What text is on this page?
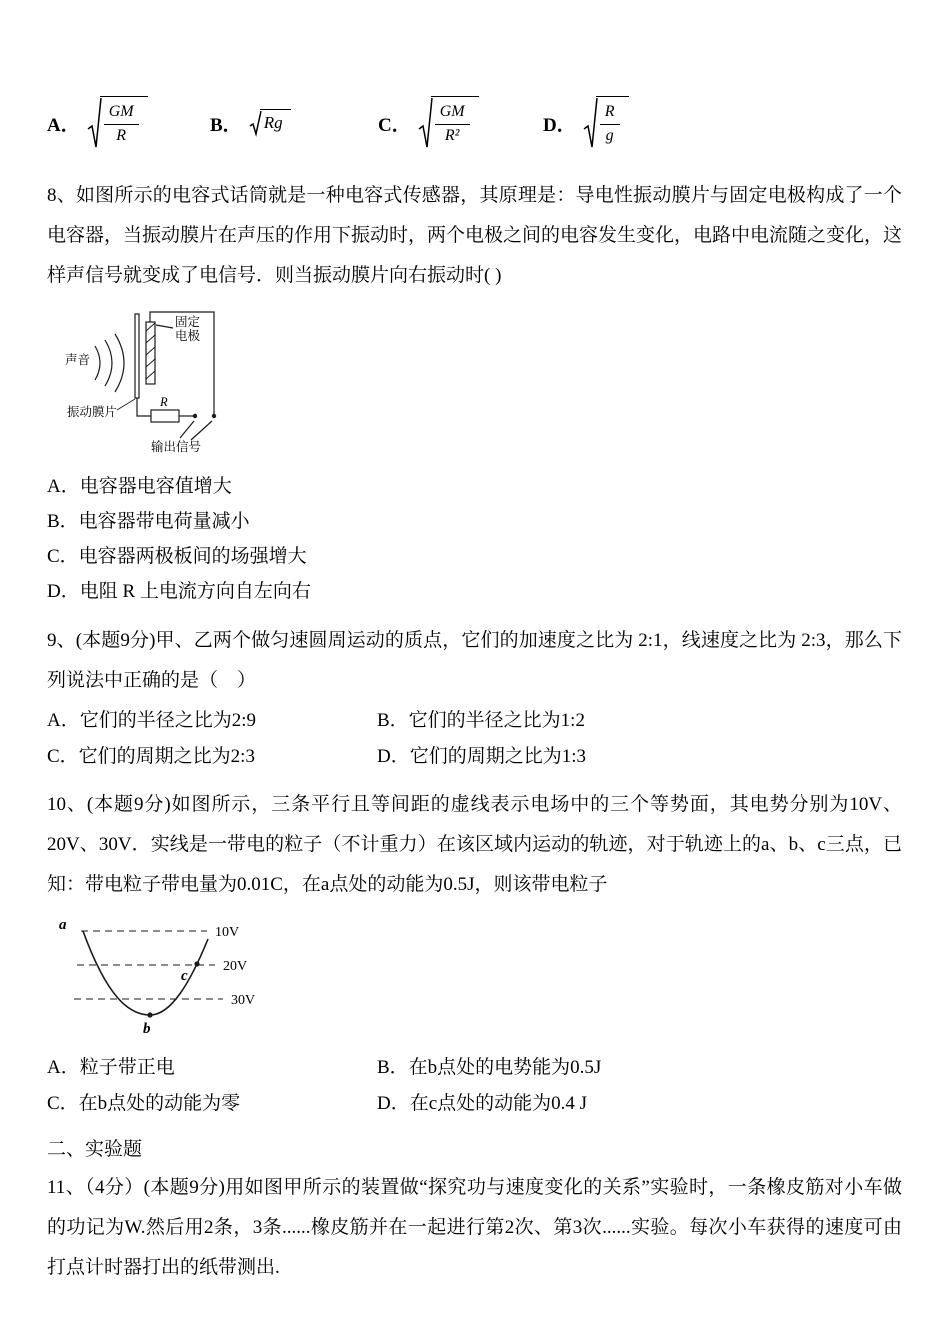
A． $\frac{GM}{R}$	B． Rg	C． $\frac{GM}{\text{R²}}$	D． $\frac{R}{g}$

8、如图所示的电容式话筒就是一种电容式传感器，其原理是：导电性振动膜片与固定电极构成了一个电容器，当振动膜片在声压的作用下振动时，两个电极之间的电容发生变化，电路中电流随之变化，这样声信号就变成了电信号．则当振动膜片向右振动时( )

声音
固定
电极
振动膜片
R
输出信号
A．电容器电容值增大
B．电容器带电荷量减小
C．电容器两极板间的场强增大
D．电阻 R 上电流方向自左向右

9、(本题9分)甲、乙两个做匀速圆周运动的质点，它们的加速度之比为 2:1，线速度之比为 2:3，那么下列说法中正确的是（　）

A．它们的半径之比为2:9	B．它们的半径之比为1:2
C．它们的周期之比为2:3	D．它们的周期之比为1:3

10、(本题9分)如图所示，三条平行且等间距的虚线表示电场中的三个等势面，其电势分别为10V、20V、30V．实线是一带电的粒子（不计重力）在该区域内运动的轨迹，对于轨迹上的a、b、c三点，已知：带电粒子带电量为0.01C，在a点处的动能为0.5J，则该带电粒子

a
b
c
10V
20V
30V
A．粒子带正电	B．在b点处的电势能为0.5J
C．在b点处的动能为零	D．在c点处的动能为0.4 J
二、实验题

11、（4分）(本题9分)用如图甲所示的装置做“探究功与速度变化的关系”实验时，一条橡皮筋对小车做的功记为W.然后用2条，3条......橡皮筋并在一起进行第2次、第3次......实验。每次小车获得的速度可由打点计时器打出的纸带测出.
